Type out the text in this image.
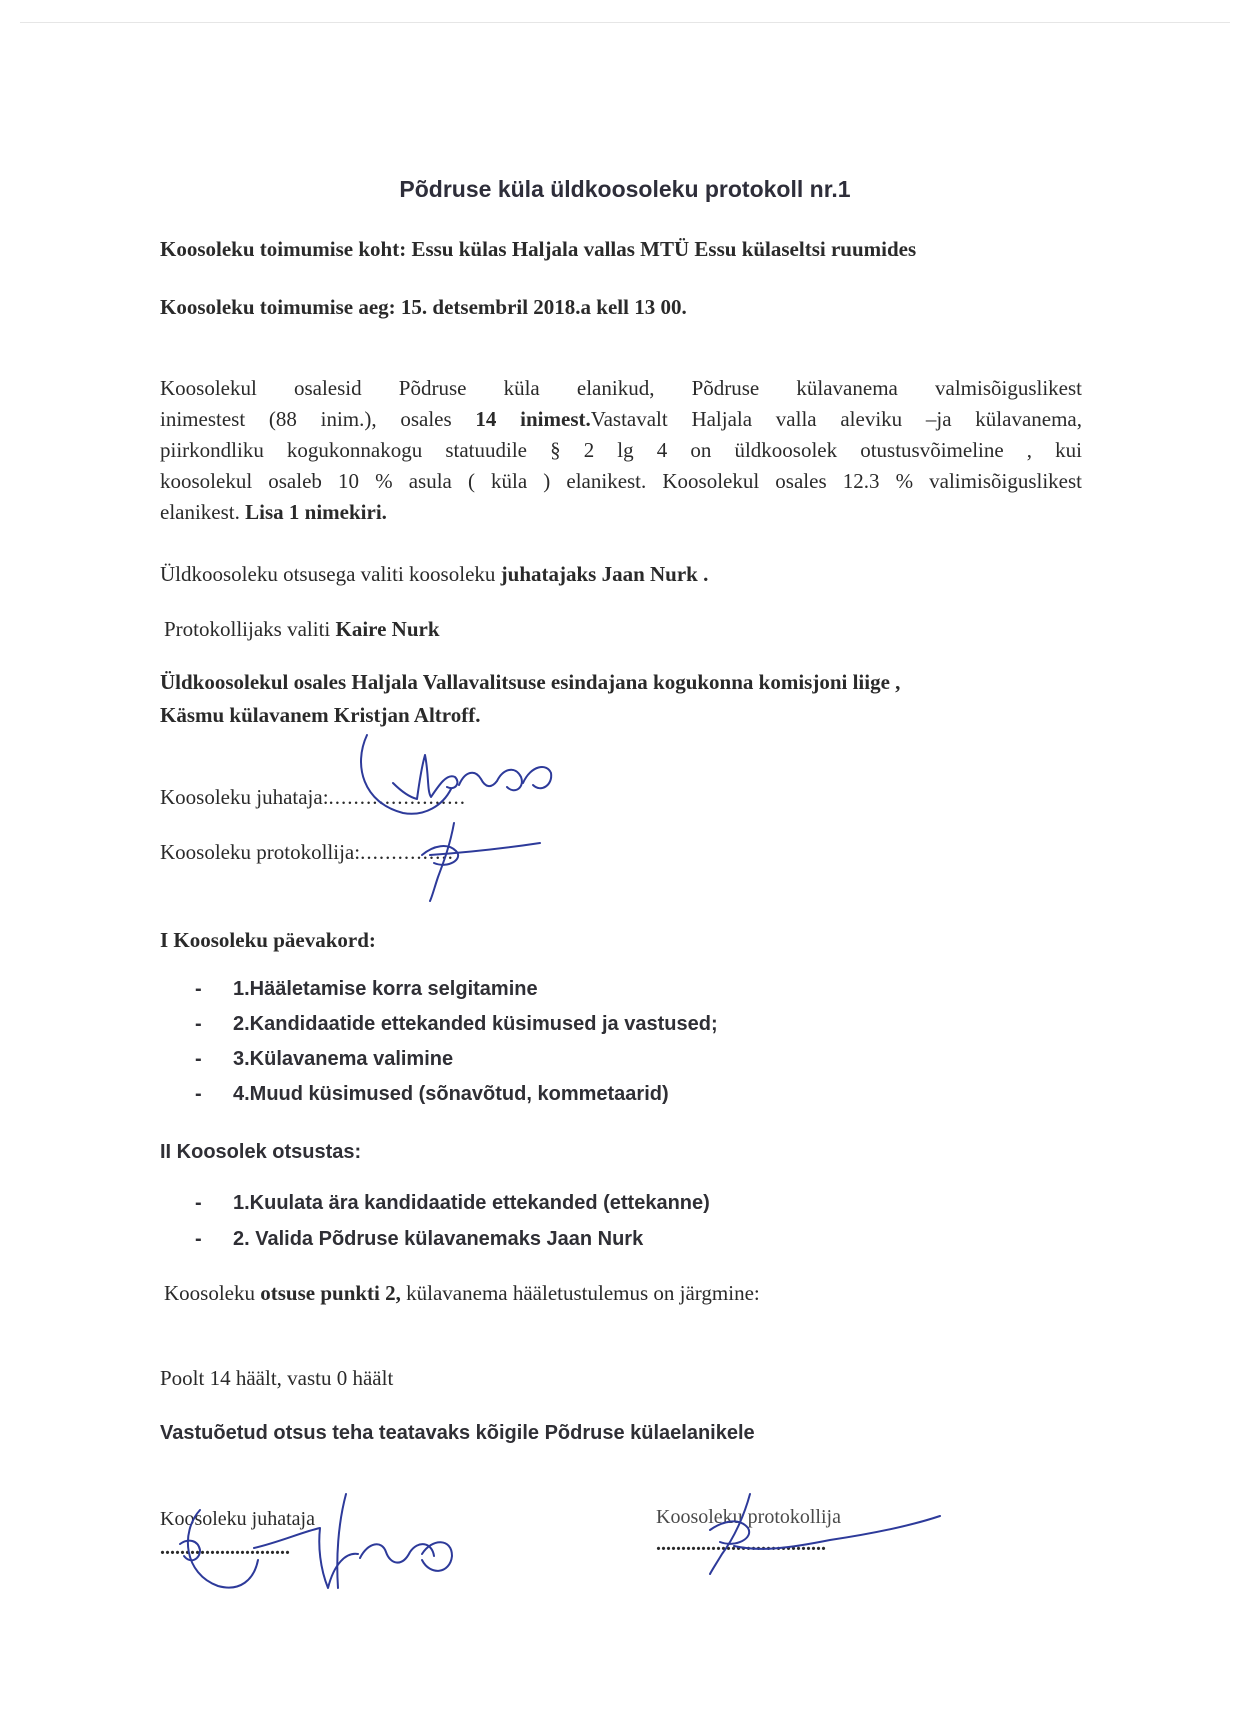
Põdruse küla üldkoosoleku protokoll nr.1
Koosoleku toimumise koht: Essu külas Haljala vallas MTÜ Essu külaseltsi ruumides
Koosoleku toimumise aeg: 15. detsembril 2018.a kell 13 00.
Koosolekul osalesid Põdruse küla elanikud, Põdruse külavanema valmisõiguslikest
inimestest (88 inim.), osales 14 inimest.Vastavalt Haljala valla aleviku –ja külavanema,
piirkondliku kogukonnakogu statuudile § 2 lg 4 on üldkoosolek otustusvõimeline , kui
koosolekul osaleb 10 % asula ( küla ) elanikest. Koosolekul osales 12.3 % valimisõiguslikest
elanikest. Lisa 1 nimekiri.
Üldkoosoleku otsusega valiti koosoleku juhatajaks Jaan Nurk .
Protokollijaks valiti Kaire Nurk
Üldkoosolekul osales Haljala Vallavalitsuse esindajana kogukonna komisjoni liige ,
Käsmu külavanem Kristjan Altroff.
Koosoleku juhataja:......................
Koosoleku protokollija:...............
I Koosoleku päevakord:
- 1.Hääletamise korra selgitamine
- 2.Kandidaatide ettekanded küsimused ja vastused;
- 3.Külavanema valimine
- 4.Muud küsimused (sõnavõtud, kommetaarid)
II Koosolek otsustas:
- 1.Kuulata ära kandidaatide ettekanded (ettekanne)
- 2. Valida Põdruse külavanemaks Jaan Nurk
Koosoleku otsuse punkti 2, külavanema hääletustulemus on järgmine:
Poolt 14 häält, vastu 0 häält
Vastuõetud otsus teha teatavaks kõigile Põdruse külaelanikele
Koosoleku juhataja
..........................
Koosoleku protokollija
..................................
